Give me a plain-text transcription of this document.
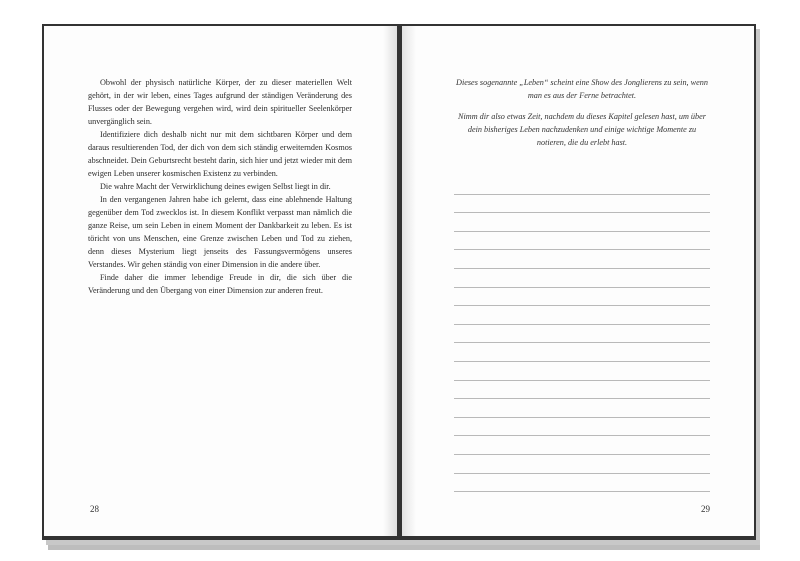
Obwohl der physisch natürliche Körper, der zu dieser materiellen Welt gehört, in der wir leben, eines Tages aufgrund der ständigen Veränderung des Flusses oder der Bewegung vergehen wird, wird dein spiritueller Seelenkörper unvergänglich sein.

Identifiziere dich deshalb nicht nur mit dem sichtbaren Körper und dem daraus resultierenden Tod, der dich von dem sich ständig erweiternden Kosmos abschneidet. Dein Geburtsrecht besteht darin, sich hier und jetzt wieder mit dem ewigen Leben unserer kosmischen Existenz zu verbinden.

Die wahre Macht der Verwirklichung deines ewigen Selbst liegt in dir.

In den vergangenen Jahren habe ich gelernt, dass eine ablehnende Haltung gegenüber dem Tod zwecklos ist. In diesem Konflikt verpasst man nämlich die ganze Reise, um sein Leben in einem Moment der Dankbarkeit zu leben. Es ist töricht von uns Menschen, eine Grenze zwischen Leben und Tod zu ziehen, denn dieses Mysterium liegt jenseits des Fassungsvermögens unseres Verstandes. Wir gehen ständig von einer Dimension in die andere über.

Finde daher die immer lebendige Freude in dir, die sich über die Veränderung und den Übergang von einer Dimension zur anderen freut.

28

Dieses sogenannte „Leben“ scheint eine Show des Jonglierens zu sein, wenn man es aus der Ferne betrachtet.

Nimm dir also etwas Zeit, nachdem du dieses Kapitel gelesen hast, um über dein bisheriges Leben nachzudenken und einige wichtige Momente zu notieren, die du erlebt hast.

29
